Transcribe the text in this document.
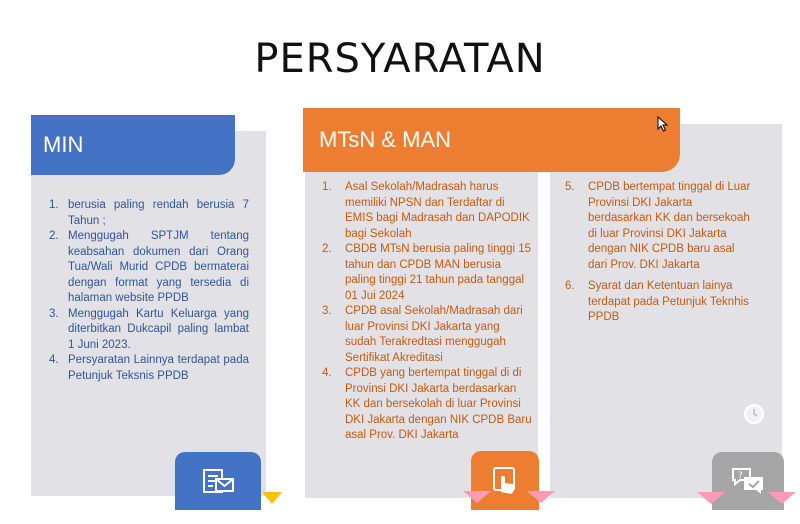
PERSYARATAN
MIN	MTsN & MAN
1. berusia paling rendah berusia 7 Tahun ;
2. Menggugah SPTJM tentang keabsahan dokumen dari Orang Tua/Wali Murid CPDB bermaterai dengan format yang tersedia di halaman website PPDB
3. Menggugah Kartu Keluarga yang diterbitkan Dukcapil paling lambat 1 Juni 2023.
4. Persyaratan Lainnya terdapat pada Petunjuk Teksnis PPDB
1. Asal Sekolah/Madrasah harus memiliki NPSN dan Terdaftar di EMIS bagi Madrasah dan DAPODIK bagi Sekolah
2. CBDB MTsN berusia paling tinggi 15 tahun dan CPDB MAN berusia paling tinggi 21 tahun pada tanggal 01 Jui 2024
3. CPDB asal Sekolah/Madrasah dari luar Provinsi DKI Jakarta yang sudah Terakredtasi menggugah Sertifikat Akreditasi
4. CPDB yang bertempat tinggal di di Provinsi DKI Jakarta berdasarkan KK dan bersekolah di luar Provinsi DKI Jakarta dengan NIK CPDB Baru asal Prov. DKI Jakarta
5. CPDB bertempat tinggal di Luar Provinsi DKI Jakarta berdasarkan KK dan bersekoah di luar Provinsi DKI Jakarta dengan NIK CPDB baru asal dari Prov. DKI Jakarta
6. Syarat dan Ketentuan lainya terdapat pada Petunjuk Teknhis PPDB
?
